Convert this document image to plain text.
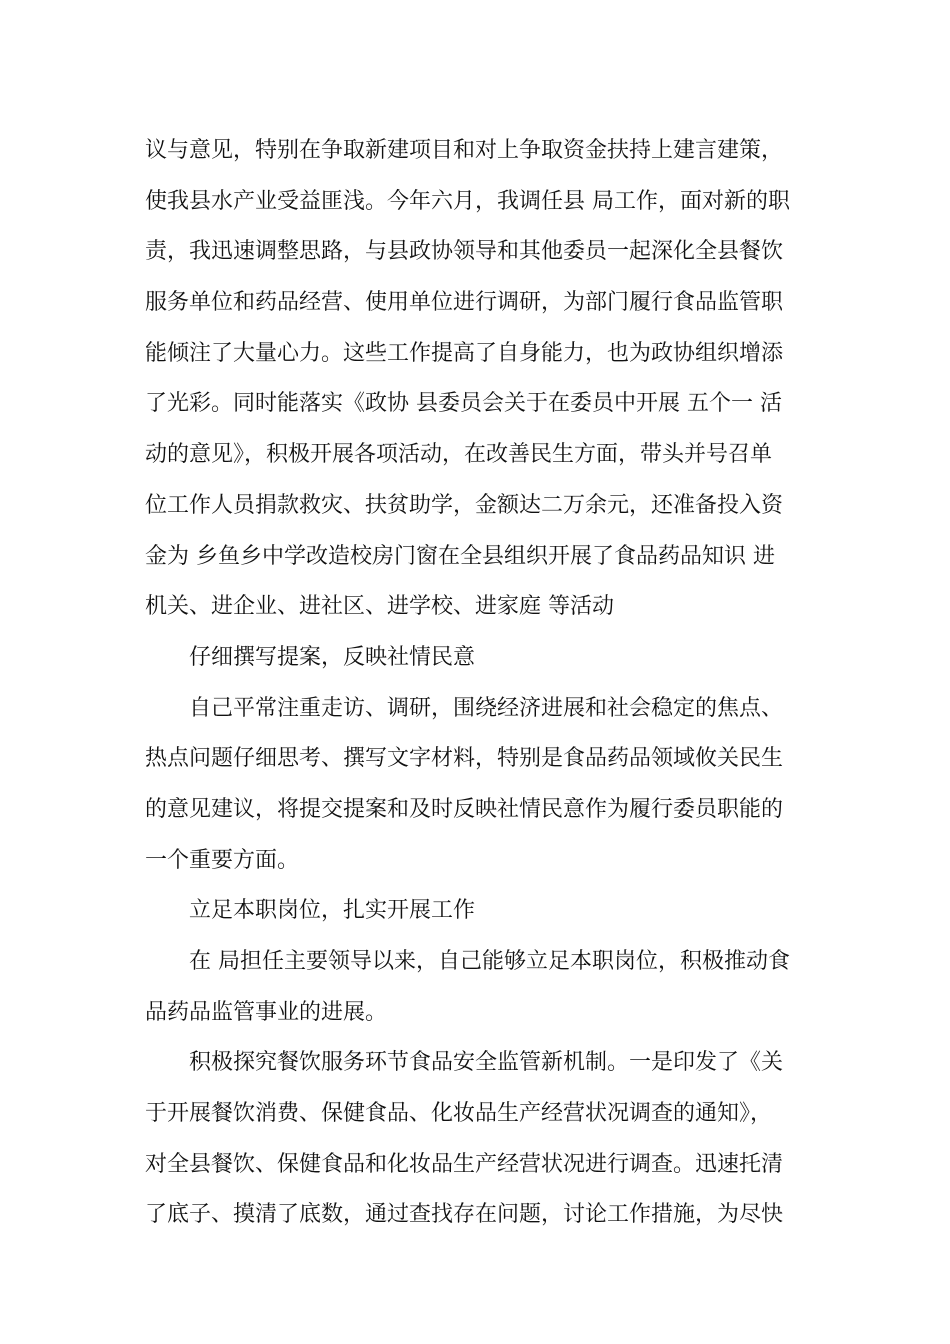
议与意见，特别在争取新建项目和对上争取资金扶持上建言建策，
使我县水产业受益匪浅。今年六月，我调任县 局工作，面对新的职
责，我迅速调整思路，与县政协领导和其他委员一起深化全县餐饮
服务单位和药品经营、使用单位进行调研，为部门履行食品监管职
能倾注了大量心力。这些工作提高了自身能力，也为政协组织增添
了光彩。同时能落实《政协 县委员会关于在委员中开展 五个一 活
动的意见》，积极开展各项活动，在改善民生方面，带头并号召单
位工作人员捐款救灾、扶贫助学，金额达二万余元，还准备投入资
金为 乡鱼乡中学改造校房门窗在全县组织开展了食品药品知识 进
机关、进企业、进社区、进学校、进家庭 等活动
仔细撰写提案，反映社情民意
自己平常注重走访、调研，围绕经济进展和社会稳定的焦点、
热点问题仔细思考、撰写文字材料，特别是食品药品领域攸关民生
的意见建议，将提交提案和及时反映社情民意作为履行委员职能的
一个重要方面。
立足本职岗位，扎实开展工作
在 局担任主要领导以来，自己能够立足本职岗位，积极推动食
品药品监管事业的进展。
积极探究餐饮服务环节食品安全监管新机制。一是印发了《关
于开展餐饮消费、保健食品、化妆品生产经营状况调查的通知》，
对全县餐饮、保健食品和化妆品生产经营状况进行调查。迅速托清
了底子、摸清了底数，通过查找存在问题，讨论工作措施，为尽快
